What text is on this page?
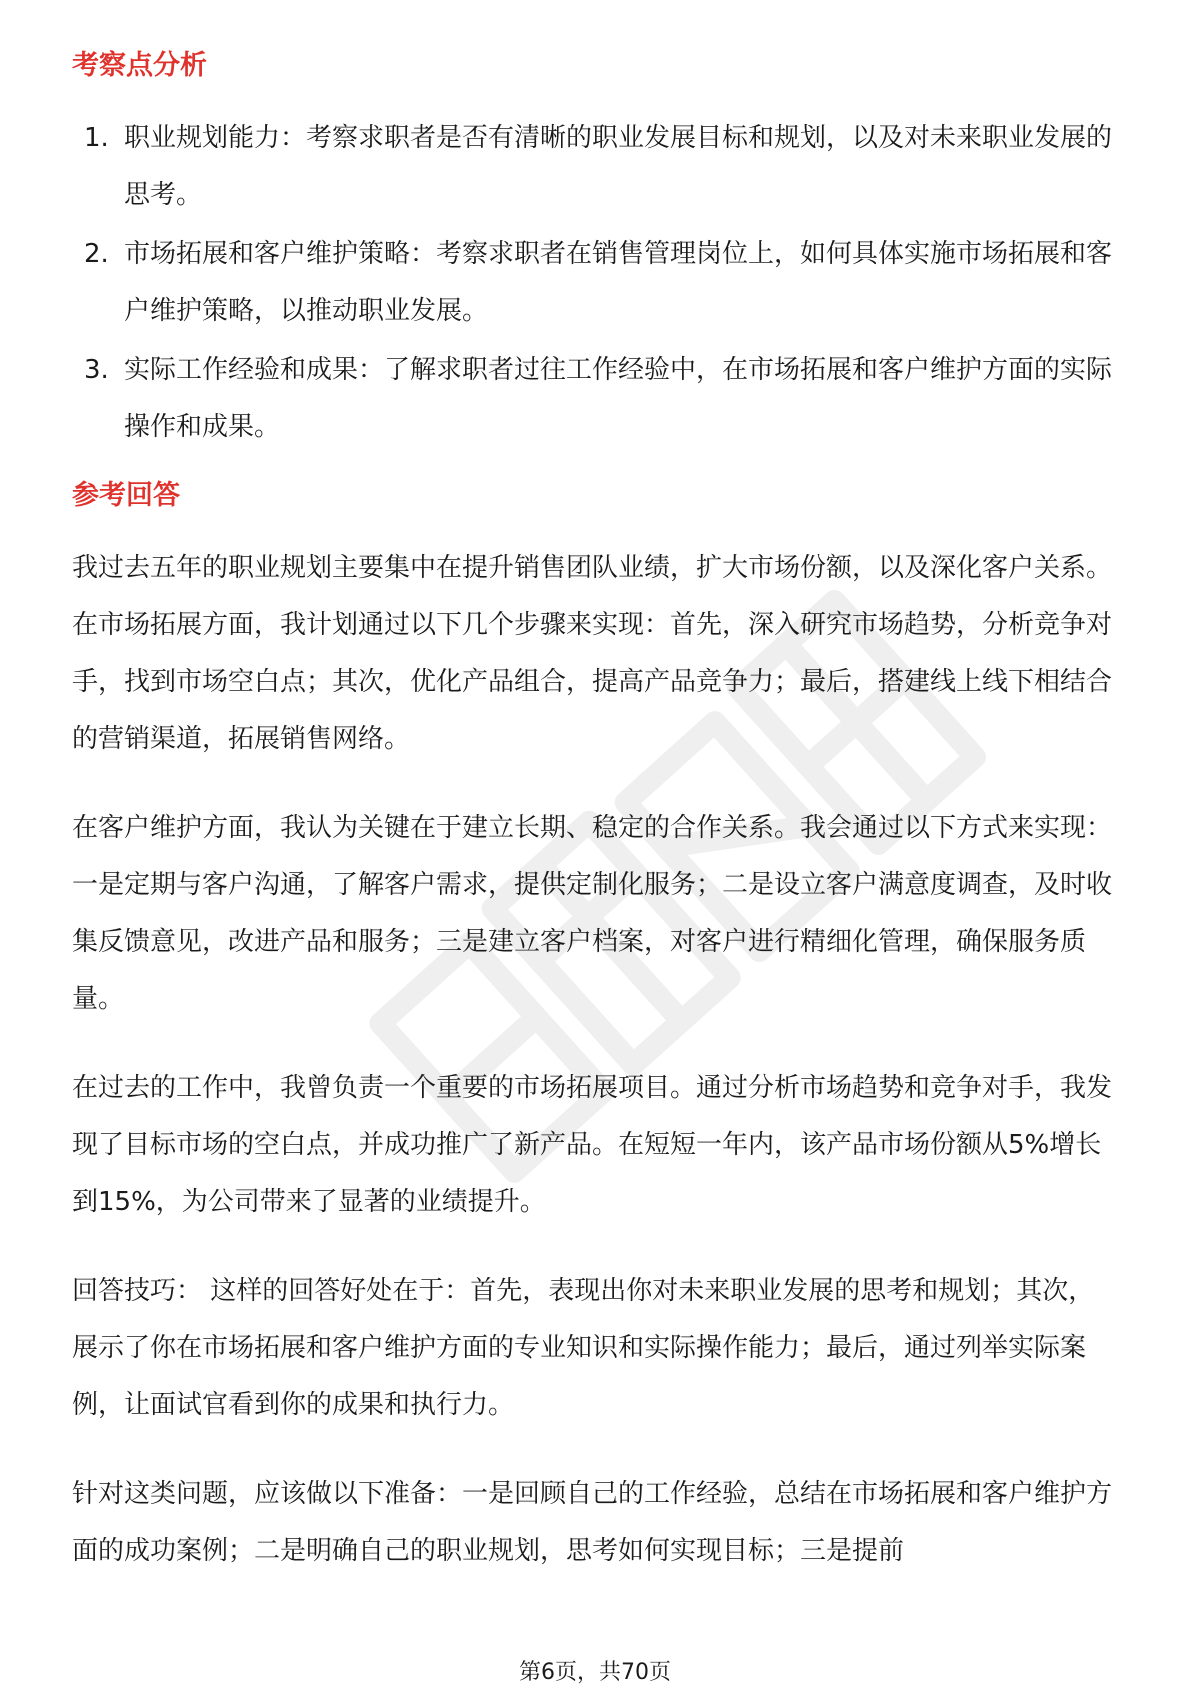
考察点分析
1. 职业规划能力：考察求职者是否有清晰的职业发展目标和规划，以及对未来职业发展的思考。
2. 市场拓展和客户维护策略：考察求职者在销售管理岗位上，如何具体实施市场拓展和客户维护策略，以推动职业发展。
3. 实际工作经验和成果：了解求职者过往工作经验中，在市场拓展和客户维护方面的实际操作和成果。
参考回答

我过去五年的职业规划主要集中在提升销售团队业绩，扩大市场份额，以及深化客户关系。在市场拓展方面，我计划通过以下几个步骤来实现：首先，深入研究市场趋势，分析竞争对手，找到市场空白点；其次，优化产品组合，提高产品竞争力；最后，搭建线上线下相结合的营销渠道，拓展销售网络。

在客户维护方面，我认为关键在于建立长期、稳定的合作关系。我会通过以下方式来实现：一是定期与客户沟通，了解客户需求，提供定制化服务；二是设立客户满意度调查，及时收集反馈意见，改进产品和服务；三是建立客户档案，对客户进行精细化管理，确保服务质量。

在过去的工作中，我曾负责一个重要的市场拓展项目。通过分析市场趋势和竞争对手，我发现了目标市场的空白点，并成功推广了新产品。在短短一年内，该产品市场份额从5%增长到15%，为公司带来了显著的业绩提升。

回答技巧： 这样的回答好处在于：首先，表现出你对未来职业发展的思考和规划；其次，展示了你在市场拓展和客户维护方面的专业知识和实际操作能力；最后，通过列举实际案例，让面试官看到你的成果和执行力。

针对这类问题，应该做以下准备：一是回顾自己的工作经验，总结在市场拓展和客户维护方面的成功案例；二是明确自己的职业规划，思考如何实现目标；三是提前

第6页，共70页
